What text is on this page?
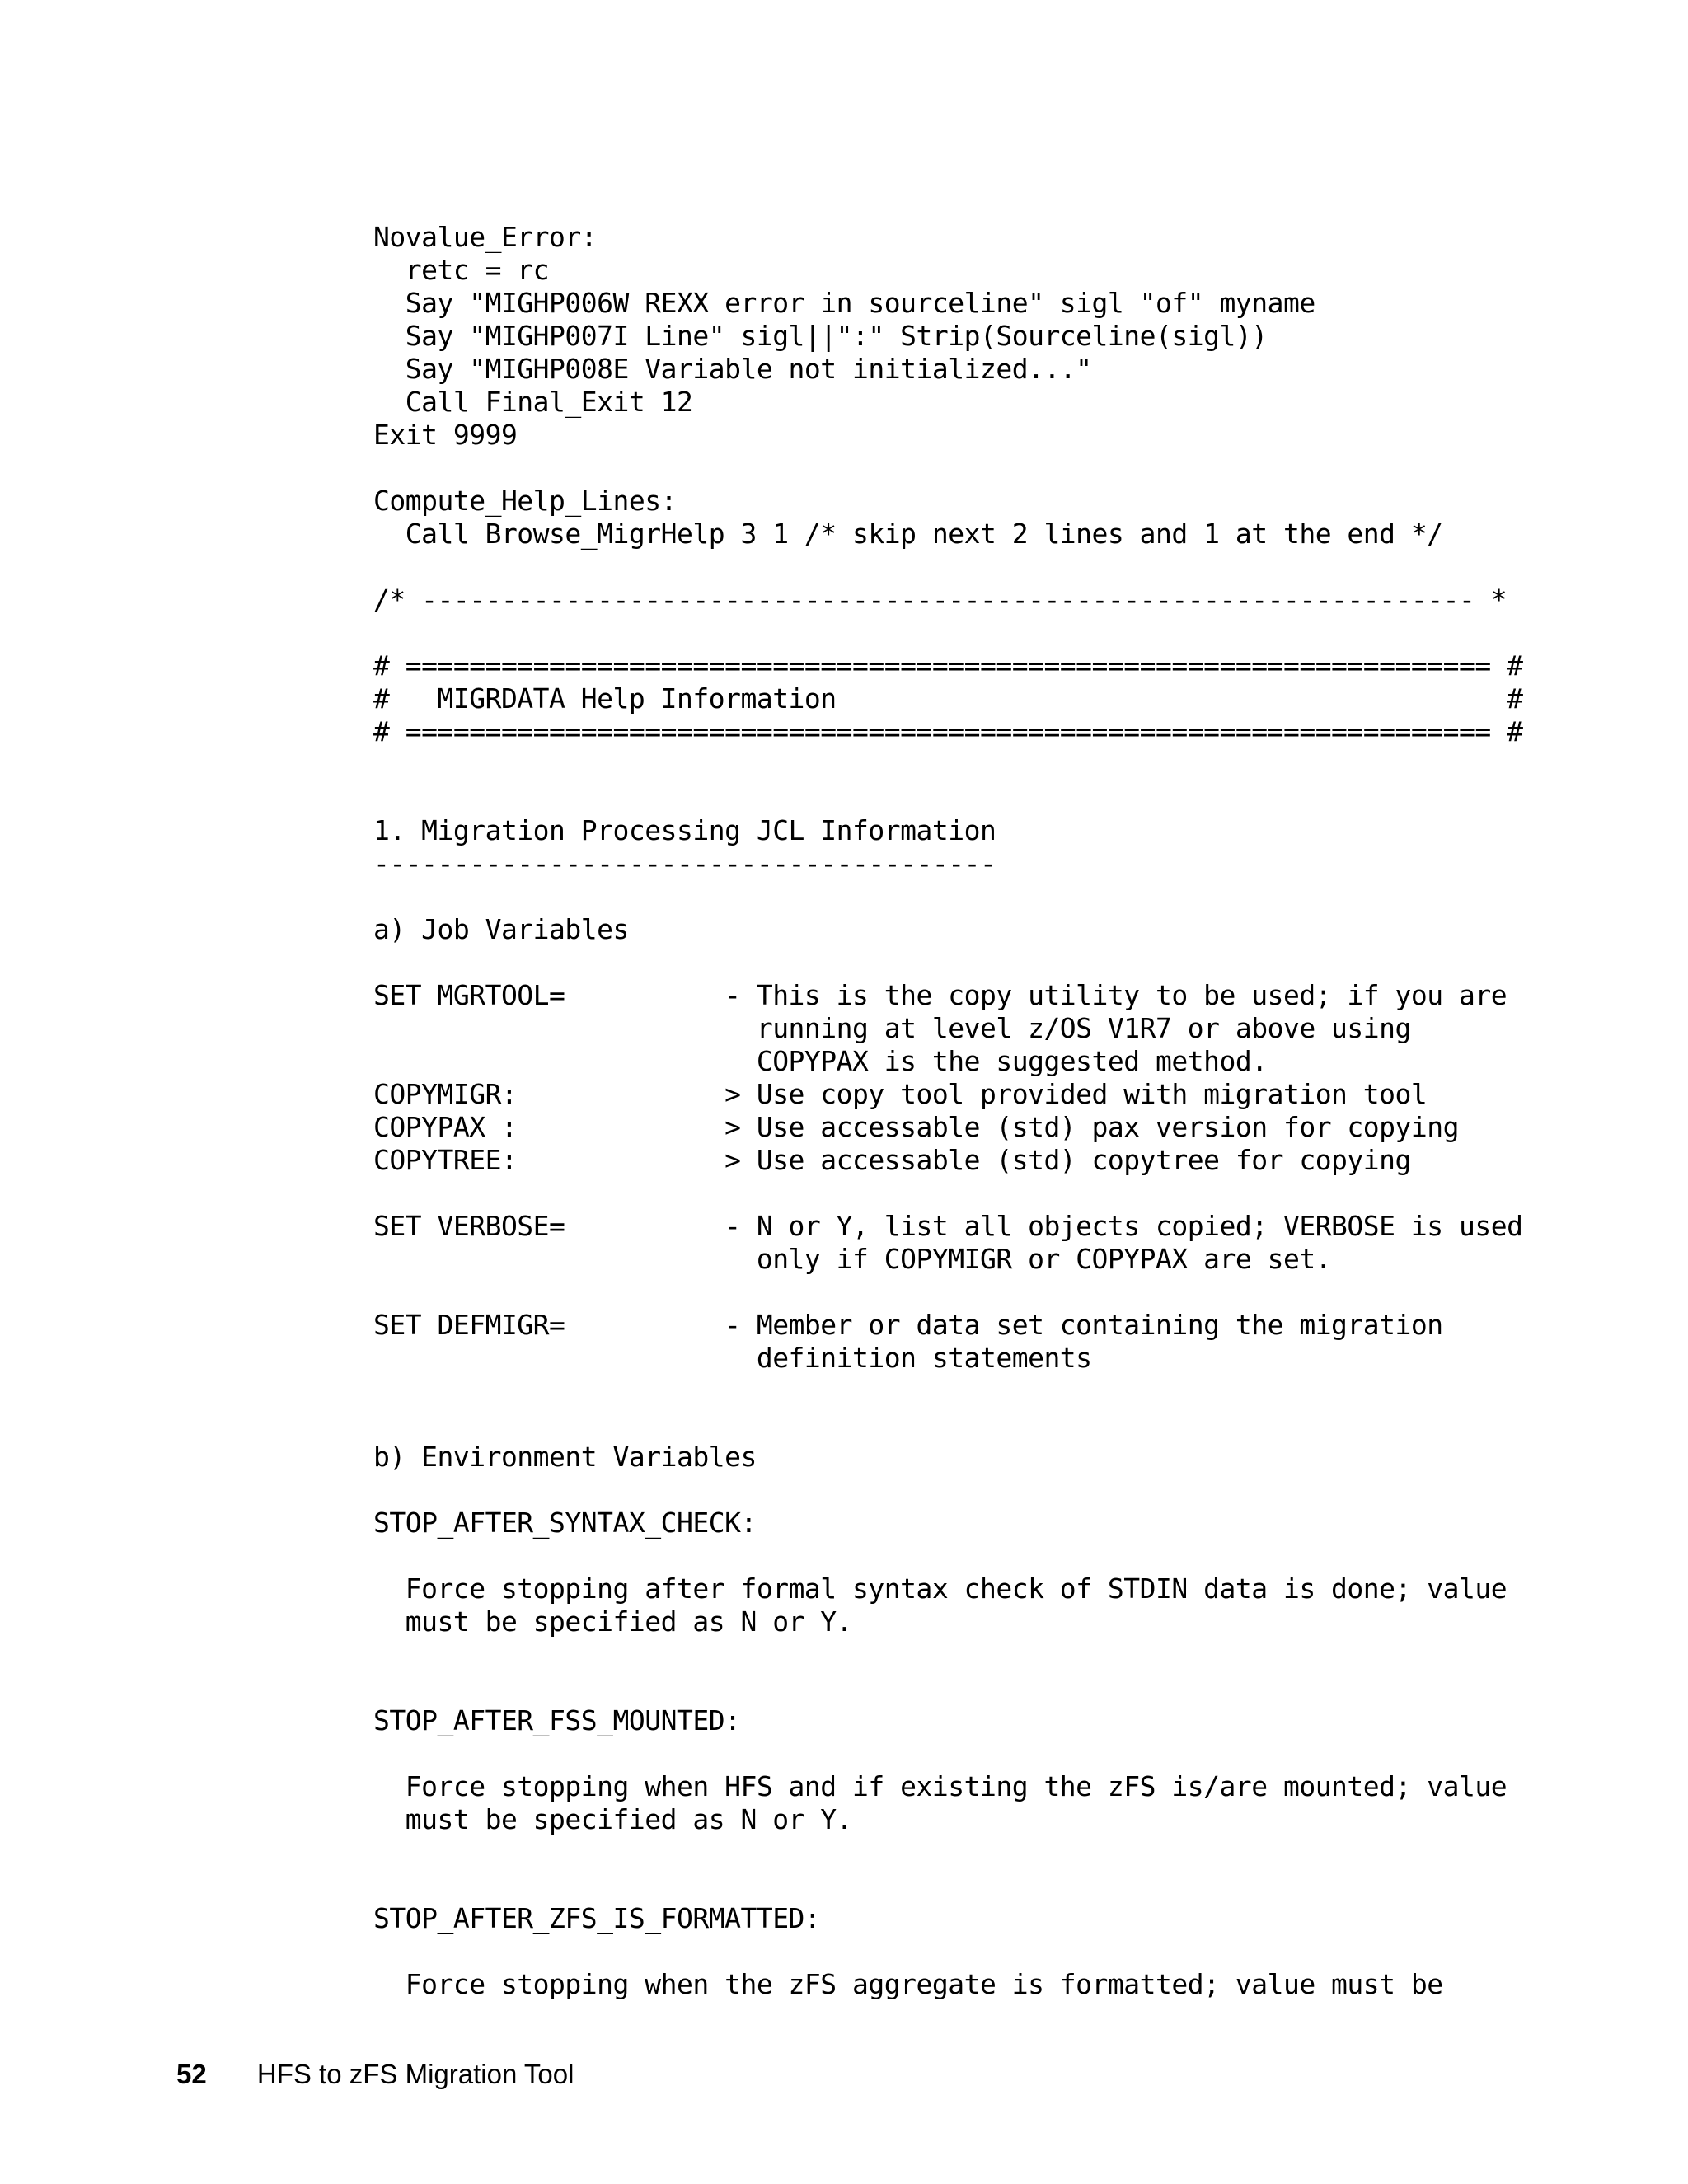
Novalue_Error:
retc = rc
Say "MIGHP006W REXX error in sourceline" sigl "of" myname
Say "MIGHP007I Line" sigl||":" Strip(Sourceline(sigl))
Say "MIGHP008E Variable not initialized..."
Call Final_Exit 12
Exit 9999
Compute_Help_Lines:
Call Browse_MigrHelp 3 1 /* skip next 2 lines and 1 at the end */
/* ------------------------------------------------------------------ *
# ==================================================================== #
#   MIGRDATA Help Information                                          #
# ==================================================================== #
1. Migration Processing JCL Information
---------------------------------------
a) Job Variables
SET MGRTOOL=          - This is the copy utility to be used; if you are
running at level z/OS V1R7 or above using
COPYPAX is the suggested method.
COPYMIGR:             > Use copy tool provided with migration tool
COPYPAX :             > Use accessable (std) pax version for copying
COPYTREE:             > Use accessable (std) copytree for copying
SET VERBOSE=          - N or Y, list all objects copied; VERBOSE is used
only if COPYMIGR or COPYPAX are set.
SET DEFMIGR=          - Member or data set containing the migration
definition statements
b) Environment Variables
STOP_AFTER_SYNTAX_CHECK:
Force stopping after formal syntax check of STDIN data is done; value
must be specified as N or Y.
STOP_AFTER_FSS_MOUNTED:
Force stopping when HFS and if existing the zFS is/are mounted; value
must be specified as N or Y.
STOP_AFTER_ZFS_IS_FORMATTED:
Force stopping when the zFS aggregate is formatted; value must be
52 HFS to zFS Migration Tool
